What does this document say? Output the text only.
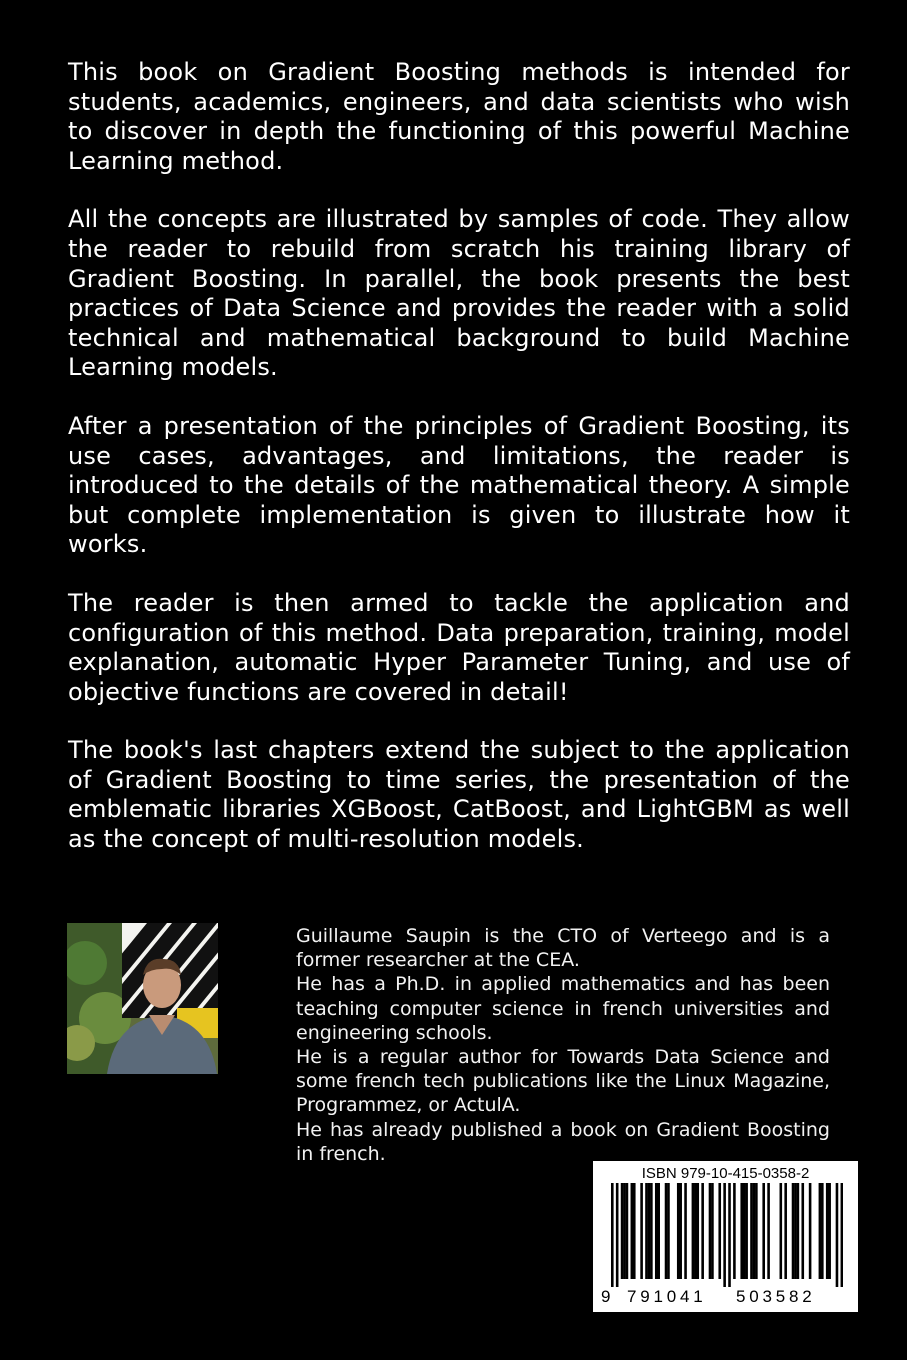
This book on Gradient Boosting methods is intended for students, academics, engineers, and data scientists who wish to discover in depth the functioning of this powerful Machine Learning method.

All the concepts are illustrated by samples of code. They allow the reader to rebuild from scratch his training library of Gradient Boosting. In parallel, the book presents the best practices of Data Science and provides the reader with a solid technical and mathematical background to build Machine Learning models.

After a presentation of the principles of Gradient Boosting, its use cases, advantages, and limitations, the reader is introduced to the details of the mathematical theory. A simple but complete implementation is given to illustrate how it works.

The reader is then armed to tackle the application and configuration of this method. Data preparation, training, model explanation, automatic Hyper Parameter Tuning, and use of objective functions are covered in detail!

The book's last chapters extend the subject to the application of Gradient Boosting to time series, the presentation of the emblematic libraries XGBoost, CatBoost, and LightGBM as well as the concept of multi-resolution models.

Guillaume Saupin is the CTO of Verteego and is a former researcher at the CEA.

He has a Ph.D. in applied mathematics and has been teaching computer science in french universities and engineering schools.

He is a regular author for Towards Data Science and some french tech publications like the Linux Magazine, Programmez, or ActulA.

He has already published a book on Gradient Boosting in french.

ISBN 979-10-415-0358-2
9 791041 503582
